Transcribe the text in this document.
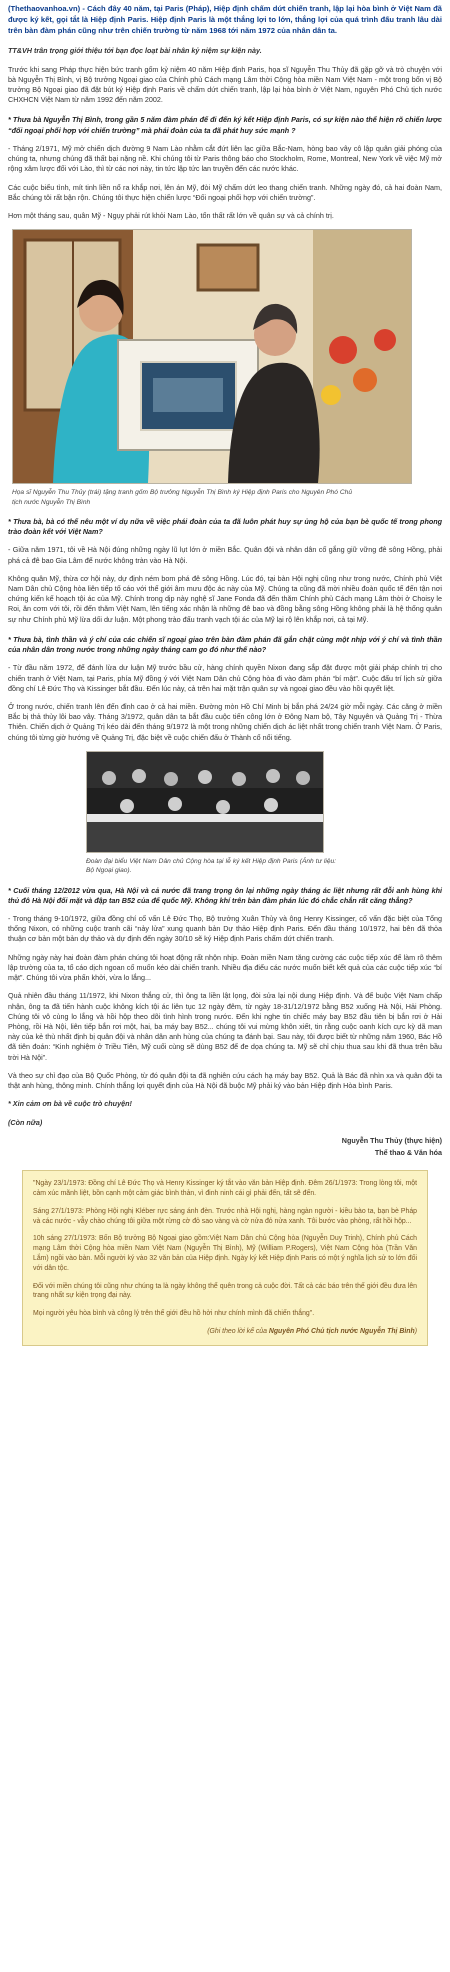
(Thethaovanhoa.vn) - Cách đây 40 năm, tại Paris (Pháp), Hiệp định chấm dứt chiến tranh, lập lại hòa bình ở Việt Nam đã được ký kết, gọi tắt là Hiệp định Paris. Hiệp định Paris là một thắng lợi to lớn, thắng lợi của quá trình đấu tranh lâu dài trên bàn đàm phán cũng như trên chiến trường từ năm 1968 tới năm 1972 của nhân dân ta.

TT&VH trân trọng giới thiệu tới bạn đọc loạt bài nhân kỷ niệm sự kiện này.

Trước khi sang Pháp thực hiện bức tranh gốm kỷ niệm 40 năm Hiệp định Paris, họa sĩ Nguyễn Thu Thủy đã gặp gỡ và trò chuyện với bà Nguyễn Thị Bình, vị Bộ trưởng Ngoại giao của Chính phủ Cách mạng Lâm thời Cộng hòa miền Nam Việt Nam - một trong bốn vị Bộ trưởng Bộ Ngoại giao đã đặt bút ký Hiệp định Paris về chấm dứt chiến tranh, lập lại hòa bình ở Việt Nam, nguyên Phó Chủ tịch nước CHXHCN Việt Nam từ năm 1992 đến năm 2002.

* Thưa bà Nguyễn Thị Bình, trong gần 5 năm đàm phán để đi đến ký kết Hiệp định Paris, có sự kiện nào thể hiện rõ chiến lược “đối ngoại phối hợp với chiến trường” mà phái đoàn của ta đã phát huy sức mạnh ?

- Tháng 2/1971, Mỹ mở chiến dịch đường 9 Nam Lào nhằm cắt đứt liên lạc giữa Bắc-Nam, hòng bao vây cô lập quân giải phóng của chúng ta, nhưng chúng đã thất bại nặng nề. Khi chúng tôi từ Paris thông báo cho Stockholm, Rome, Montreal, New York về việc Mỹ mở rộng xâm lược đối với Lào, thì từ các nơi này, tin tức lập tức lan truyền đến các nước khác.

Các cuộc biểu tình, mít tinh liền nổ ra khắp nơi, lên án Mỹ, đòi Mỹ chấm dứt leo thang chiến tranh. Những ngày đó, cả hai đoàn Nam, Bắc chúng tôi rất bận rộn. Chúng tôi thực hiện chiến lược “Đối ngoại phối hợp với chiến trường”.

Hơn một tháng sau, quân Mỹ - Ngụy phải rút khỏi Nam Lào, tổn thất rất lớn về quân sự và cả chính trị.

Họa sĩ Nguyễn Thu Thủy (trái) tặng tranh gốm Bộ trưởng Nguyễn Thị Bình ký Hiệp định Paris cho Nguyên Phó Chủ tịch nước Nguyễn Thị Bình

* Thưa bà, bà có thể nêu một ví dụ nữa về việc phái đoàn của ta đã luôn phát huy sự ủng hộ của bạn bè quốc tế trong phong trào đoàn kết với Việt Nam?

- Giữa năm 1971, tôi về Hà Nội đúng những ngày lũ lụt lớn ở miền Bắc. Quân đội và nhân dân cố gắng giữ vững đê sông Hồng, phải phá cả đê bao Gia Lâm để nước không tràn vào Hà Nội.

Không quân Mỹ, thừa cơ hội này, dự định ném bom phá đê sông Hồng. Lúc đó, tại bàn Hội nghị cũng như trong nước, Chính phủ Việt Nam Dân chủ Cộng hòa liên tiếp tố cáo với thế giới âm mưu độc ác này của Mỹ. Chúng ta cũng đã mời nhiều đoàn quốc tế đến tận nơi chứng kiến kế hoạch tội ác của Mỹ. Chính trong dịp này nghệ sĩ Jane Fonda đã đến thăm Chính phủ Cách mạng Lâm thời ở Choisy le Roi, ăn cơm với tôi, rồi đến thăm Việt Nam, lên tiếng xác nhận là những đê bao và đồng bằng sông Hồng không phải là hệ thống quân sự như Chính phủ Mỹ lừa dối dư luận. Một phong trào đấu tranh vạch tội ác của Mỹ lại rộ lên khắp nơi, cả tại Mỹ.

* Thưa bà, tình thần và ý chí của các chiến sĩ ngoại giao trên bàn đàm phán đã gắn chặt cùng một nhịp với ý chí và tình thần của nhân dân trong nước trong những ngày tháng cam go đó như thế nào?

- Từ đầu năm 1972, để đánh lừa dư luận Mỹ trước bầu cử, hàng chính quyền Nixon đang sắp đặt được một giải pháp chính trị cho chiến tranh ở Việt Nam, tại Paris, phía Mỹ đồng ý với Việt Nam Dân chủ Cộng hòa đi vào đàm phán “bí mật”. Cuộc đấu trí lịch sử giữa đồng chí Lê Đức Thọ và Kissinger bắt đầu. Đến lúc này, cả trên hai mặt trận quân sự và ngoại giao đều vào hồi quyết liệt.

Ở trong nước, chiến tranh lên đến đỉnh cao ở cả hai miền. Đường mòn Hồ Chí Minh bị bắn phá 24/24 giờ mỗi ngày. Các căng ở miền Bắc bị thả thủy lôi bao vây. Tháng 3/1972, quân dân ta bắt đầu cuộc tiến công lớn ở Đông Nam bộ, Tây Nguyên và Quảng Trị - Thừa Thiên. Chiến dịch ở Quảng Trị kéo dài đến tháng 9/1972 là một trong những chiến dịch ác liệt nhất trong chiến tranh Việt Nam. Ở Paris, chúng tôi từng giờ hướng về Quảng Trị, đặc biệt về cuộc chiến đấu ở Thành cổ nổi tiếng.

Đoàn đại biểu Việt Nam Dân chủ Cộng hòa tại lễ ký kết Hiệp định Paris (Ảnh tư liệu: Bộ Ngoại giao).

* Cuối tháng 12/2012 vừa qua, Hà Nội và cả nước đã trang trọng ôn lại những ngày tháng ác liệt nhưng rất đỗi anh hùng khi thủ đô Hà Nội đối mặt và đập tan B52 của đế quốc Mỹ. Không khí trên bàn đàm phán lúc đó chắc chắn rất căng thẳng?

- Trong tháng 9-10/1972, giữa đồng chí cố vấn Lê Đức Thọ, Bộ trưởng Xuân Thủy và ông Henry Kissinger, cố vấn đặc biệt của Tổng thống Nixon, có những cuộc tranh cãi “nảy lửa” xung quanh bản Dự thảo Hiệp định Paris. Đến đầu tháng 10/1972, hai bên đã thỏa thuận cơ bản một bản dự thảo và dự định đến ngày 30/10 sẽ ký Hiệp định Paris chấm dứt chiến tranh.

Những ngày này hai đoàn đàm phán chúng tôi hoạt động rất nhộn nhịp. Đoàn miền Nam tăng cường các cuộc tiếp xúc để làm rõ thêm lập trường của ta, tổ cáo dịch ngoan cố muốn kéo dài chiến tranh. Nhiều địa điểu các nước muốn biết kết quả của các cuộc tiếp xúc “bí mật”. Chúng tôi vừa phấn khởi, vừa lo lắng...

Quả nhiên đầu tháng 11/1972, khi Nixon thắng cử, thì ông ta liền lật lọng, đòi sửa lại nội dung Hiệp định. Và để buộc Việt Nam chấp nhận, ông ta đã tiến hành cuộc không kích tội ác liên tục 12 ngày đêm, từ ngày 18-31/12/1972 bằng B52 xuống Hà Nội, Hải Phòng. Chúng tôi vô cùng lo lắng và hồi hộp theo dõi tình hình trong nước. Đến khi nghe tin chiếc máy bay B52 đầu tiên bị bắn rơi ở Hải Phòng, rồi Hà Nội, liên tiếp bắn rơi một, hai, ba máy bay B52... chúng tôi vui mừng khôn xiết, tin rằng cuộc oanh kích cực kỳ dã man này của kẻ thù nhất định bị quân đội và nhân dân anh hùng của chúng ta đánh bại. Sau này, tôi được biết từ những năm 1960, Bác Hồ đã tiên đoán: “Kinh nghiệm ở Triều Tiên, Mỹ cuối cùng sẽ dùng B52 để đe dọa chúng ta. Mỹ sẽ chỉ chịu thua sau khi đã thua trên bầu trời Hà Nội”.

Và theo sự chỉ đạo của Bộ Quốc Phòng, từ đó quân đội ta đã nghiên cứu cách hạ máy bay B52. Quả là Bác đã nhìn xa và quân đội ta thật anh hùng, thông minh. Chính thắng lợi quyết định của Hà Nội đã buộc Mỹ phải ký vào bản Hiệp định Hòa bình Paris.

* Xin cảm ơn bà về cuộc trò chuyện!

(Còn nữa)

Nguyễn Thu Thủy (thực hiện)

Thể thao & Văn hóa

"Ngày 23/1/1973: Đồng chí Lê Đức Thọ và Henry Kissinger ký tắt vào văn bản Hiệp định. Đêm 26/1/1973: Trong lòng tôi, một cảm xúc mãnh liệt, bồn cạnh một cảm giác bình thản, vì đinh ninh cái gì phải đến, tất sẽ đến.

Sáng 27/1/1973: Phòng Hội nghị Kléber rực sáng ánh đèn. Trước nhà Hội nghị, hàng ngàn người - kiều bào ta, bạn bè Pháp và các nước - vẫy chào chúng tôi giữa một rừng cờ đỏ sao vàng và cờ nửa đỏ nửa xanh. Tôi bước vào phòng, rất hồi hộp...

10h sáng 27/1/1973: Bốn Bộ trưởng Bộ Ngoại giao gồm:Việt Nam Dân chủ Cộng hòa (Nguyễn Duy Trinh), Chính phủ Cách mạng Lâm thời Cộng hòa miền Nam Việt Nam (Nguyễn Thị Bình), Mỹ (William P.Rogers), Việt Nam Cộng hòa (Trần Văn Lắm) ngồi vào bàn. Mỗi người ký vào 32 văn bản của Hiệp định. Ngày ký kết Hiệp định Paris có một ý nghĩa lịch sử to lớn đối với dân tộc.

Đối với miền chúng tôi cũng như chúng ta là ngày không thể quên trong cả cuộc đời. Tất cả các báo trên thế giới đều đưa lên trang nhất sự kiện trọng đại này.

Mọi người yêu hòa bình và công lý trên thế giới đều hồ hởi như chính mình đã chiến thắng".

(Ghi theo lời kể của Nguyên Phó Chủ tịch nước Nguyễn Thị Bình)
